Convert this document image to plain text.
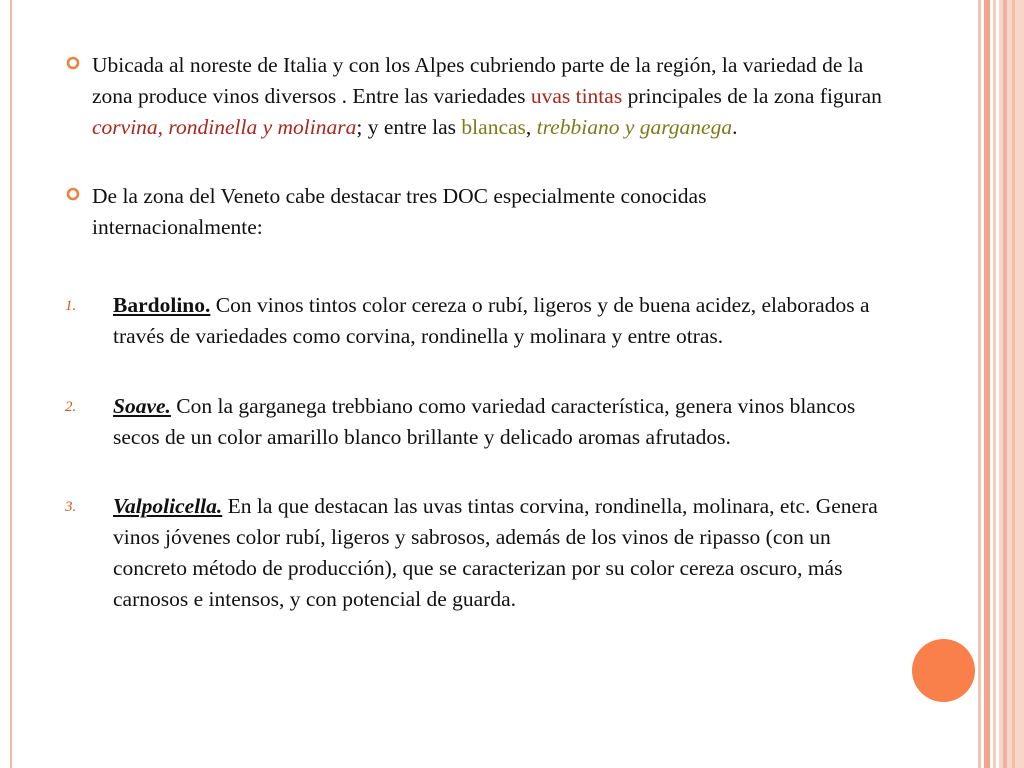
Ubicada al noreste de Italia y con los Alpes cubriendo parte de la región, la variedad de la zona produce vinos diversos . Entre las variedades uvas tintas principales de la zona figuran corvina, rondinella y molinara; y entre las blancas, trebbiano y garganega.
De la zona del Veneto cabe destacar tres DOC especialmente conocidas internacionalmente:
1. Bardolino. Con vinos tintos color cereza o rubí, ligeros y de buena acidez, elaborados a través de variedades como corvina, rondinella y molinara y entre otras.
2. Soave. Con la garganega trebbiano como variedad característica, genera vinos blancos secos de un color amarillo blanco brillante y delicado aromas afrutados.
3. Valpolicella. En la que destacan las uvas tintas corvina, rondinella, molinara, etc. Genera vinos jóvenes color rubí, ligeros y sabrosos, además de los vinos de ripasso (con un concreto método de producción), que se caracterizan por su color cereza oscuro, más carnosos e intensos, y con potencial de guarda.
